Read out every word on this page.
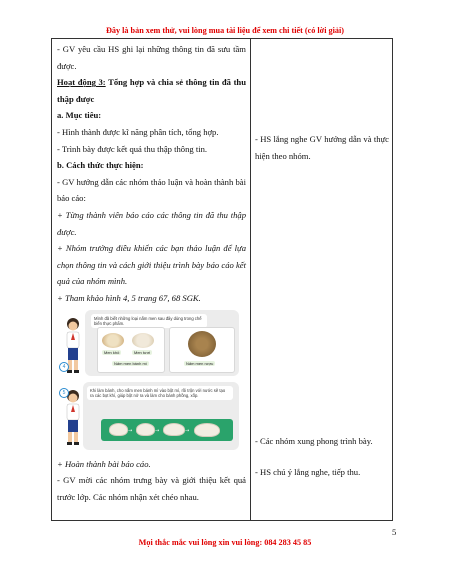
Đây là bản xem thử, vui lòng mua tài liệu để xem chi tiết (có lời giải)

- GV yêu cầu HS ghi lại những thông tin đã sưu tầm được.

Hoạt động 3: Tổng hợp và chia sẻ thông tin đã thu thập được

a. Mục tiêu:

- Hình thành được kĩ năng phân tích, tổng hợp.

- Trình bày được kết quả thu thập thông tin.

b. Cách thức thực hiện:

- GV hướng dẫn các nhóm thảo luận và hoàn thành bài báo cáo:

+ Từng thành viên báo cáo các thông tin đã thu thập được.

+ Nhóm trưởng điều khiển các bạn thảo luận để lựa chọn thông tin và cách giới thiệu trình bày báo cáo kết quả của nhóm mình.

+ Tham khảo hình 4, 5 trang 67, 68 SGK.

Mình đã biết những loại nấm men sau đây dùng trong chế biến thực phẩm.
Men khô	Men tươi
Nấm men bánh mì	Nấm men rượu
4
Khi làm bánh, cho nấm men bánh mì vào bột mì, rồi trộn với nước sẽ tạo ra các bọt khí, giúp bột nở ra và làm cho bánh phồng, xốp.
→	→	→
5

+ Hoàn thành bài báo cáo.

- GV mời các nhóm trưng bày và giới thiệu kết quả trước lớp. Các nhóm nhận xét chéo nhau.

- HS lắng nghe GV hướng dẫn và thực hiện theo nhóm.

- Các nhóm xung phong trình bày.

- HS chú ý lắng nghe, tiếp thu.

5
Mọi thắc mắc vui lòng xin vui lòng: 084 283 45 85
